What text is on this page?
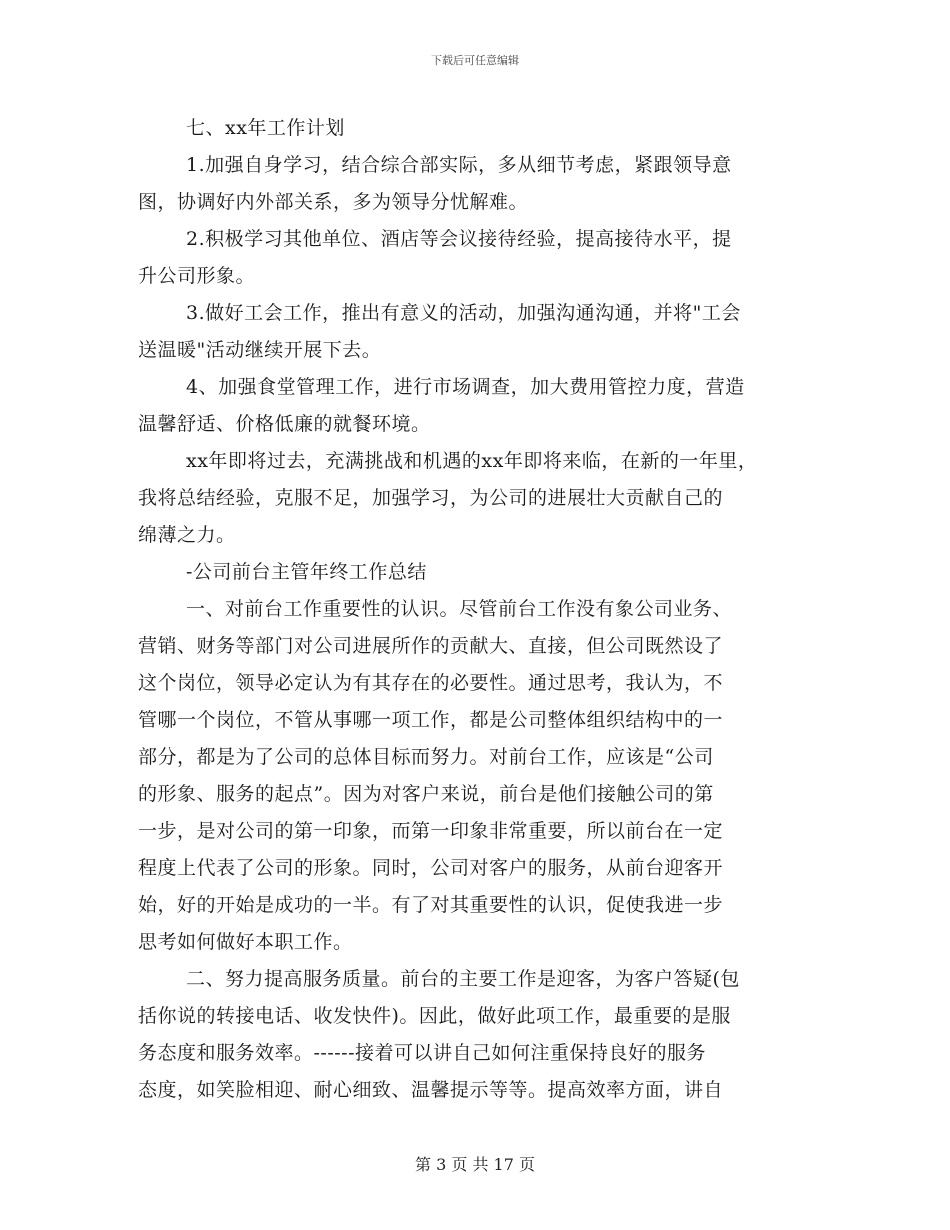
下载后可任意编辑
七、xx年工作计划
1.加强自身学习，结合综合部实际，多从细节考虑，紧跟领导意
图，协调好内外部关系，多为领导分忧解难。
2.积极学习其他单位、酒店等会议接待经验，提高接待水平，提
升公司形象。
3.做好工会工作，推出有意义的活动，加强沟通沟通，并将"工会
送温暖"活动继续开展下去。
4、加强食堂管理工作，进行市场调查，加大费用管控力度，营造
温馨舒适、价格低廉的就餐环境。
xx年即将过去，充满挑战和机遇的xx年即将来临，在新的一年里，
我将总结经验，克服不足，加强学习，为公司的进展壮大贡献自己的
绵薄之力。
-公司前台主管年终工作总结
一、对前台工作重要性的认识。尽管前台工作没有象公司业务、
营销、财务等部门对公司进展所作的贡献大、直接，但公司既然设了
这个岗位，领导必定认为有其存在的必要性。通过思考，我认为，不
管哪一个岗位，不管从事哪一项工作，都是公司整体组织结构中的一
部分，都是为了公司的总体目标而努力。对前台工作，应该是“公司
的形象、服务的起点”。因为对客户来说，前台是他们接触公司的第
一步，是对公司的第一印象，而第一印象非常重要，所以前台在一定
程度上代表了公司的形象。同时，公司对客户的服务，从前台迎客开
始，好的开始是成功的一半。有了对其重要性的认识，促使我进一步
思考如何做好本职工作。
二、努力提高服务质量。前台的主要工作是迎客，为客户答疑(包
括你说的转接电话、收发快件)。因此，做好此项工作，最重要的是服
务态度和服务效率。------接着可以讲自己如何注重保持良好的服务
态度，如笑脸相迎、耐心细致、温馨提示等等。提高效率方面，讲自
第 3 页 共 17 页
